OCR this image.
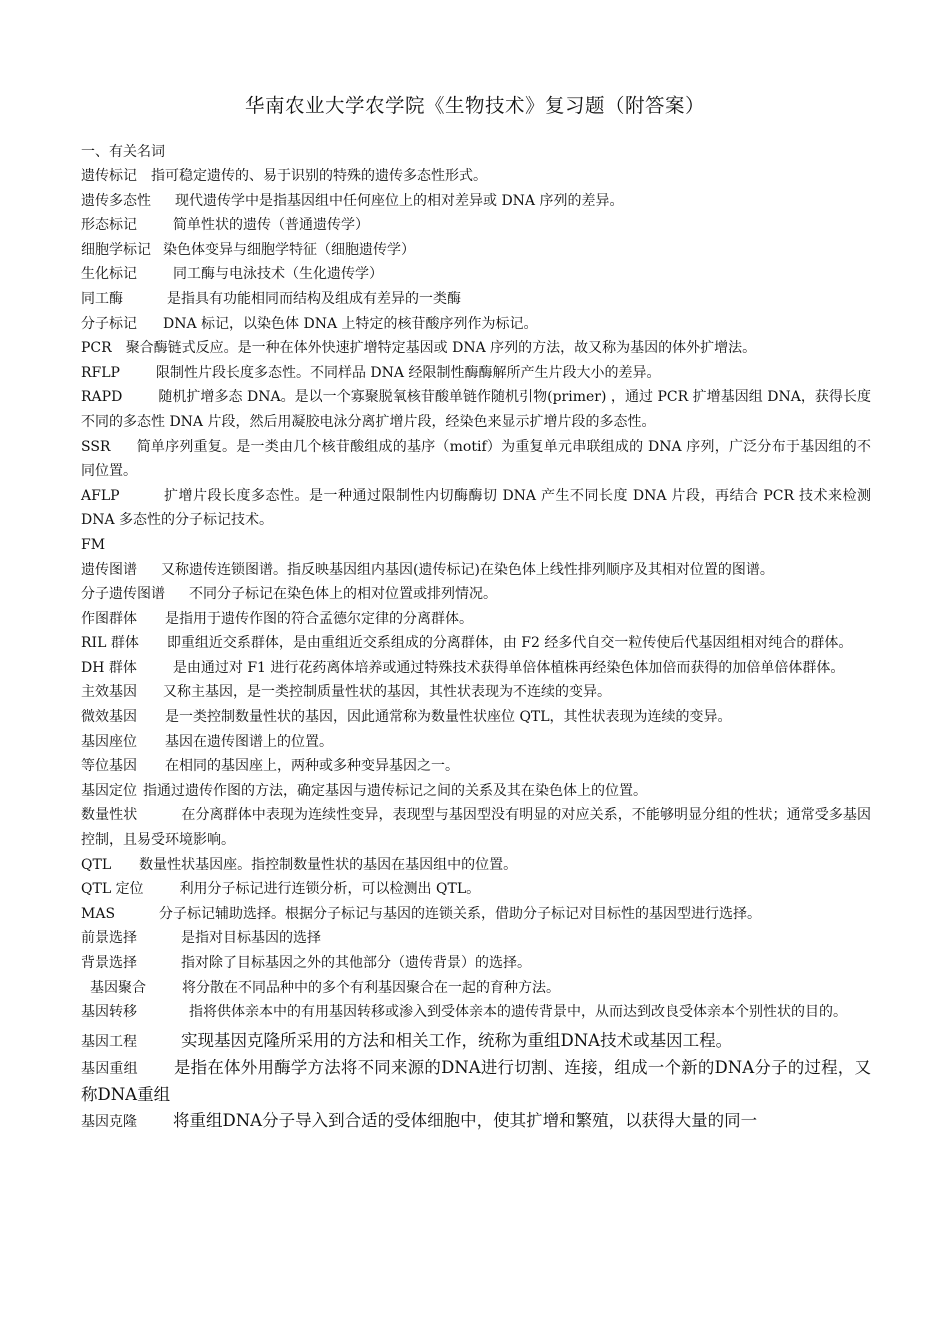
华南农业大学农学院《生物技术》复习题（附答案）
一、有关名词

遗传标记 指可稳定遗传的、易于识别的特殊的遗传多态性形式。

遗传多态性 现代遗传学中是指基因组中任何座位上的相对差异或 DNA 序列的差异。

形态标记	简单性状的遗传（普通遗传学）

细胞学标记 染色体变异与细胞学特征（细胞遗传学）

生化标记	同工酶与电泳技术（生化遗传学）

同工酶	是指具有功能相同而结构及组成有差异的一类酶

分子标记 DNA 标记，以染色体 DNA 上特定的核苷酸序列作为标记。

PCR 聚合酶链式反应。是一种在体外快速扩增特定基因或 DNA 序列的方法，故又称为基因的体外扩增法。

RFLP	限制性片段长度多态性。不同样品 DNA 经限制性酶酶解所产生片段大小的差异。

RAPD	随机扩增多态 DNA。是以一个寡聚脱氧核苷酸单链作随机引物(primer) ，通过 PCR 扩增基因组 DNA，获得长度不同的多态性 DNA 片段，然后用凝胶电泳分离扩增片段，经染色来显示扩增片段的多态性。

SSR 简单序列重复。是一类由几个核苷酸组成的基序（motif）为重复单元串联组成的 DNA 序列，广泛分布于基因组的不同位置。

AFLP	扩增片段长度多态性。是一种通过限制性内切酶酶切 DNA 产生不同长度 DNA 片段，再结合 PCR 技术来检测 DNA 多态性的分子标记技术。

FM

遗传图谱 又称遗传连锁图谱。指反映基因组内基因(遗传标记)在染色体上线性排列顺序及其相对位置的图谱。

分子遗传图谱 不同分子标记在染色体上的相对位置或排列情况。

作图群体 是指用于遗传作图的符合孟德尔定律的分离群体。

RIL 群体 即重组近交系群体，是由重组近交系组成的分离群体，由 F2 经多代自交一粒传使后代基因组相对纯合的群体。

DH 群体	是由通过对 F1 进行花药离体培养或通过特殊技术获得单倍体植株再经染色体加倍而获得的加倍单倍体群体。

主效基因 又称主基因，是一类控制质量性状的基因，其性状表现为不连续的变异。

微效基因 是一类控制数量性状的基因，因此通常称为数量性状座位 QTL，其性状表现为连续的变异。

基因座位 基因在遗传图谱上的位置。

等位基因 在相同的基因座上，两种或多种变异基因之一。

基因定位 指通过遗传作图的方法，确定基因与遗传标记之间的关系及其在染色体上的位置。

数量性状	在分离群体中表现为连续性变异，表现型与基因型没有明显的对应关系，不能够明显分组的性状；通常受多基因控制，且易受环境影响。

QTL 数量性状基因座。指控制数量性状的基因在基因组中的位置。

QTL 定位	利用分子标记进行连锁分析，可以检测出 QTL。

MAS	分子标记辅助选择。根据分子标记与基因的连锁关系，借助分子标记对目标性的基因型进行选择。

前景选择	是指对目标基因的选择

背景选择	指对除了目标基因之外的其他部分（遗传背景）的选择。

基因聚合	将分散在不同品种中的多个有利基因聚合在一起的育种方法。

基因转移	指将供体亲本中的有用基因转移或渗入到受体亲本的遗传背景中，从而达到改良受体亲本个别性状的目的。

基因工程	实现基因克隆所采用的方法和相关工作，统称为重组DNA技术或基因工程。

基因重组 是指在体外用酶学方法将不同来源的DNA进行切割、连接，组成一个新的DNA分子的过程，又称DNA重组

基因克隆 将重组DNA分子导入到合适的受体细胞中，使其扩增和繁殖，以获得大量的同一
